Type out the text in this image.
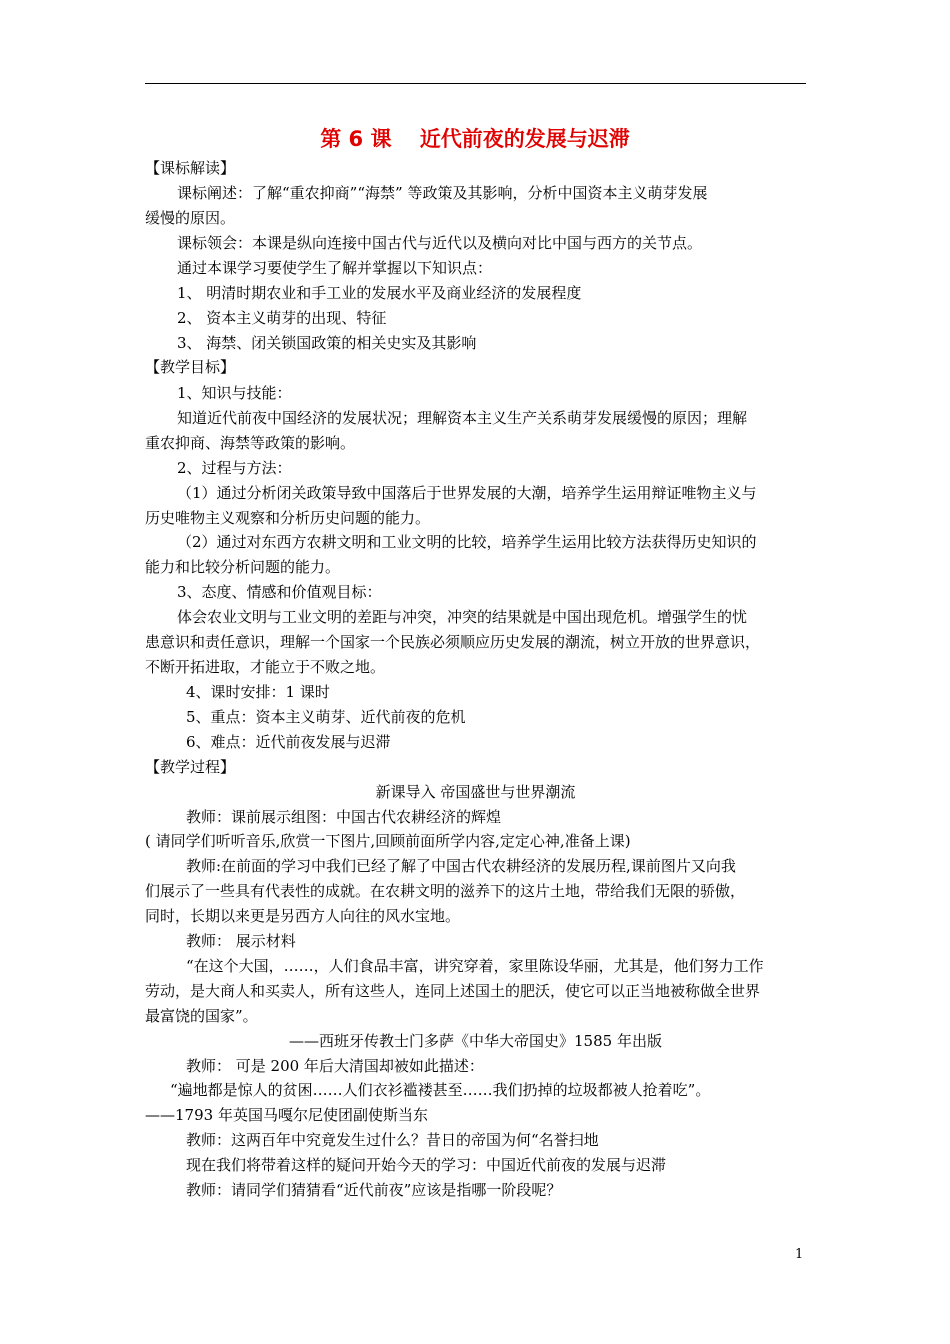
第 6 课　 近代前夜的发展与迟滞
【课标解读】
课标阐述：了解“重农抑商”“海禁” 等政策及其影响，分析中国资本主义萌芽发展
缓慢的原因。
课标领会：本课是纵向连接中国古代与近代以及横向对比中国与西方的关节点。
通过本课学习要使学生了解并掌握以下知识点：
1、 明清时期农业和手工业的发展水平及商业经济的发展程度
2、 资本主义萌芽的出现、特征
3、 海禁、闭关锁国政策的相关史实及其影响
【教学目标】
1、知识与技能：
知道近代前夜中国经济的发展状况；理解资本主义生产关系萌芽发展缓慢的原因；理解
重农抑商、海禁等政策的影响。
2、过程与方法：
（1）通过分析闭关政策导致中国落后于世界发展的大潮，培养学生运用辩证唯物主义与
历史唯物主义观察和分析历史问题的能力。
（2）通过对东西方农耕文明和工业文明的比较，培养学生运用比较方法获得历史知识的
能力和比较分析问题的能力。
3、态度、情感和价值观目标：
体会农业文明与工业文明的差距与冲突，冲突的结果就是中国出现危机。增强学生的忧
患意识和责任意识，理解一个国家一个民族必须顺应历史发展的潮流，树立开放的世界意识，
不断开拓进取，才能立于不败之地。
4、课时安排：1 课时
5、重点：资本主义萌芽、近代前夜的危机
6、难点：近代前夜发展与迟滞
【教学过程】
新课导入 帝国盛世与世界潮流
教师：课前展示组图：中国古代农耕经济的辉煌
( 请同学们听听音乐,欣赏一下图片,回顾前面所学内容,定定心神,准备上课)
教师:在前面的学习中我们已经了解了中国古代农耕经济的发展历程,课前图片又向我
们展示了一些具有代表性的成就。在农耕文明的滋养下的这片土地，带给我们无限的骄傲，
同时，长期以来更是另西方人向往的风水宝地。
教师： 展示材料
“在这个大国，……，人们食品丰富，讲究穿着，家里陈设华丽，尤其是，他们努力工作
劳动，是大商人和买卖人，所有这些人，连同上述国土的肥沃，使它可以正当地被称做全世界
最富饶的国家”。
——西班牙传教士门多萨《中华大帝国史》1585 年出版
教师： 可是 200 年后大清国却被如此描述：
“遍地都是惊人的贫困……人们衣衫褴褛甚至……我们扔掉的垃圾都被人抢着吃”。
——1793 年英国马嘎尔尼使团副使斯当东
教师：这两百年中究竟发生过什么？昔日的帝国为何“名誉扫地
现在我们将带着这样的疑问开始今天的学习：中国近代前夜的发展与迟滞
教师：请同学们猜猜看“近代前夜”应该是指哪一阶段呢？
1
